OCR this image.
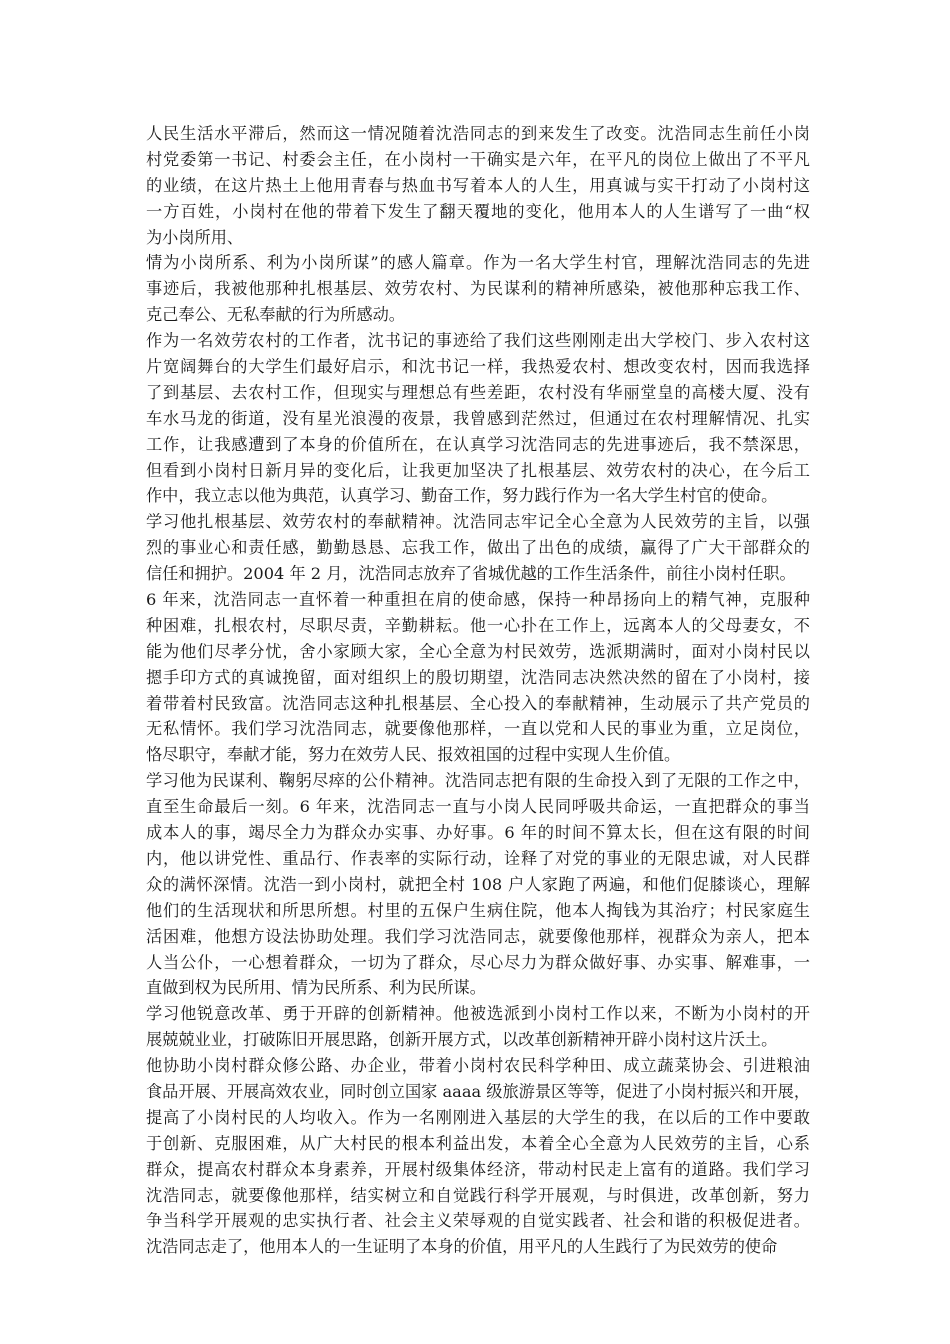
人民生活水平滞后，然而这一情况随着沈浩同志的到来发生了改变。沈浩同志生前任小岗
村党委第一书记、村委会主任，在小岗村一干确实是六年，在平凡的岗位上做出了不平凡
的业绩，在这片热土上他用青春与热血书写着本人的人生，用真诚与实干打动了小岗村这
一方百姓，小岗村在他的带着下发生了翻天覆地的变化，他用本人的人生谱写了一曲“权
为小岗所用、
情为小岗所系、利为小岗所谋”的感人篇章。作为一名大学生村官，理解沈浩同志的先进
事迹后，我被他那种扎根基层、效劳农村、为民谋利的精神所感染，被他那种忘我工作、
克己奉公、无私奉献的行为所感动。
作为一名效劳农村的工作者，沈书记的事迹给了我们这些刚刚走出大学校门、步入农村这
片宽阔舞台的大学生们最好启示，和沈书记一样，我热爱农村、想改变农村，因而我选择
了到基层、去农村工作，但现实与理想总有些差距，农村没有华丽堂皇的高楼大厦、没有
车水马龙的街道，没有星光浪漫的夜景，我曾感到茫然过，但通过在农村理解情况、扎实
工作，让我感遭到了本身的价值所在，在认真学习沈浩同志的先进事迹后，我不禁深思，
但看到小岗村日新月异的变化后，让我更加坚决了扎根基层、效劳农村的决心，在今后工
作中，我立志以他为典范，认真学习、勤奋工作，努力践行作为一名大学生村官的使命。
学习他扎根基层、效劳农村的奉献精神。沈浩同志牢记全心全意为人民效劳的主旨，以强
烈的事业心和责任感，勤勤恳恳、忘我工作，做出了出色的成绩，赢得了广大干部群众的
信任和拥护。2004 年 2 月，沈浩同志放弃了省城优越的工作生活条件，前往小岗村任职。
6 年来，沈浩同志一直怀着一种重担在肩的使命感，保持一种昂扬向上的精气神，克服种
种困难，扎根农村，尽职尽责，辛勤耕耘。他一心扑在工作上，远离本人的父母妻女，不
能为他们尽孝分忧，舍小家顾大家，全心全意为村民效劳，选派期满时，面对小岗村民以
摁手印方式的真诚挽留，面对组织上的殷切期望，沈浩同志决然决然的留在了小岗村，接
着带着村民致富。沈浩同志这种扎根基层、全心投入的奉献精神，生动展示了共产党员的
无私情怀。我们学习沈浩同志，就要像他那样，一直以党和人民的事业为重，立足岗位，
恪尽职守，奉献才能，努力在效劳人民、报效祖国的过程中实现人生价值。
学习他为民谋利、鞠躬尽瘁的公仆精神。沈浩同志把有限的生命投入到了无限的工作之中，
直至生命最后一刻。6 年来，沈浩同志一直与小岗人民同呼吸共命运，一直把群众的事当
成本人的事，竭尽全力为群众办实事、办好事。6 年的时间不算太长，但在这有限的时间
内，他以讲党性、重品行、作表率的实际行动，诠释了对党的事业的无限忠诚，对人民群
众的满怀深情。沈浩一到小岗村，就把全村 108 户人家跑了两遍，和他们促膝谈心，理解
他们的生活现状和所思所想。村里的五保户生病住院，他本人掏钱为其治疗；村民家庭生
活困难，他想方设法协助处理。我们学习沈浩同志，就要像他那样，视群众为亲人，把本
人当公仆，一心想着群众，一切为了群众，尽心尽力为群众做好事、办实事、解难事，一
直做到权为民所用、情为民所系、利为民所谋。
学习他锐意改革、勇于开辟的创新精神。他被选派到小岗村工作以来，不断为小岗村的开
展兢兢业业，打破陈旧开展思路，创新开展方式，以改革创新精神开辟小岗村这片沃土。
他协助小岗村群众修公路、办企业，带着小岗村农民科学种田、成立蔬菜协会、引进粮油
食品开展、开展高效农业，同时创立国家 aaaa 级旅游景区等等，促进了小岗村振兴和开展，
提高了小岗村民的人均收入。作为一名刚刚进入基层的大学生的我，在以后的工作中要敢
于创新、克服困难，从广大村民的根本利益出发，本着全心全意为人民效劳的主旨，心系
群众，提高农村群众本身素养，开展村级集体经济，带动村民走上富有的道路。我们学习
沈浩同志，就要像他那样，结实树立和自觉践行科学开展观，与时俱进，改革创新，努力
争当科学开展观的忠实执行者、社会主义荣辱观的自觉实践者、社会和谐的积极促进者。
沈浩同志走了，他用本人的一生证明了本身的价值，用平凡的人生践行了为民效劳的使命
